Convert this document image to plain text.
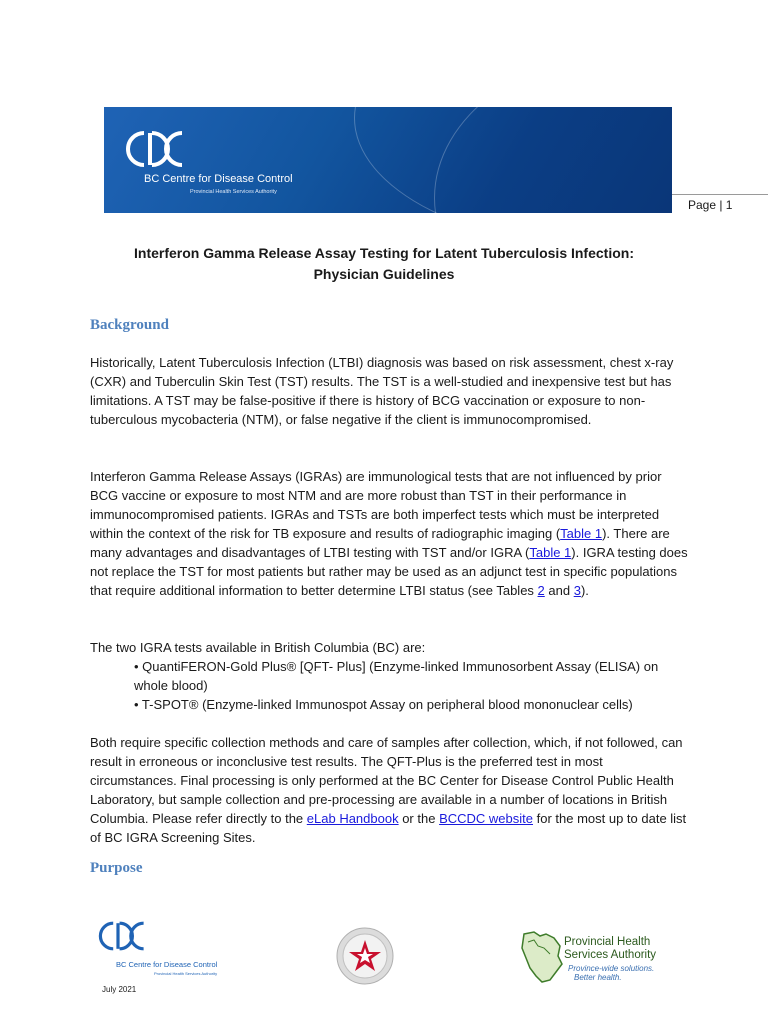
BC Centre for Disease Control
Provincial Health Services Authority
Page | 1
Interferon Gamma Release Assay Testing for Latent Tuberculosis Infection:
Physician Guidelines
Background
Historically, Latent Tuberculosis Infection (LTBI) diagnosis was based on risk assessment, chest x-ray (CXR) and Tuberculin Skin Test (TST) results. The TST is a well-studied and inexpensive test but has limitations. A TST may be false-positive if there is history of BCG vaccination or exposure to non-tuberculous mycobacteria (NTM), or false negative if the client is immunocompromised.
Interferon Gamma Release Assays (IGRAs) are immunological tests that are not influenced by prior BCG vaccine or exposure to most NTM and are more robust than TST in their performance in immunocompromised patients. IGRAs and TSTs are both imperfect tests which must be interpreted within the context of the risk for TB exposure and results of radiographic imaging (Table 1). There are many advantages and disadvantages of LTBI testing with TST and/or IGRA (Table 1). IGRA testing does not replace the TST for most patients but rather may be used as an adjunct test in specific populations that require additional information to better determine LTBI status (see Tables 2 and 3).
The two IGRA tests available in British Columbia (BC) are:
• QuantiFERON-Gold Plus® [QFT- Plus] (Enzyme-linked Immunosorbent Assay (ELISA) on whole blood)
• T-SPOT® (Enzyme-linked Immunospot Assay on peripheral blood mononuclear cells)
Both require specific collection methods and care of samples after collection, which, if not followed, can result in erroneous or inconclusive test results. The QFT-Plus is the preferred test in most circumstances. Final processing is only performed at the BC Center for Disease Control Public Health Laboratory, but sample collection and pre-processing are available in a number of locations in British Columbia. Please refer directly to the eLab Handbook or the BCCDC website for the most up to date list of BC IGRA Screening Sites.
Purpose
BC Centre for Disease Control
Provincial Health Services Authority
Provincial Health
Services Authority
Province-wide solutions.
Better health.
July 2021
